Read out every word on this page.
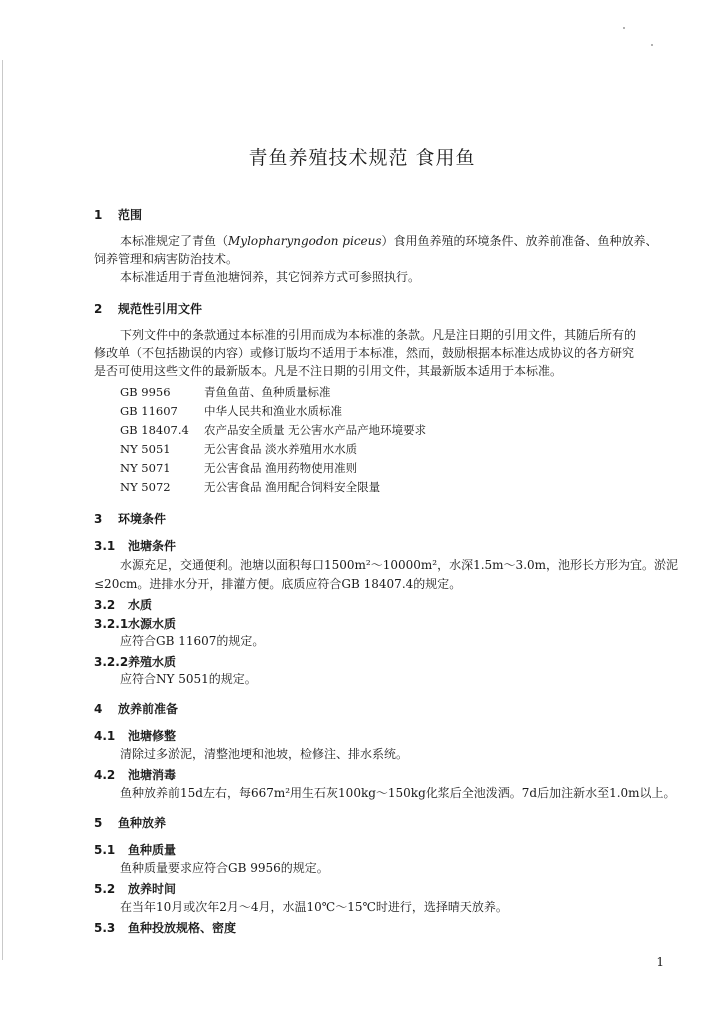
青鱼养殖技术规范 食用鱼
1 范围
本标准规定了青鱼（Mylopharyngodon piceus）食用鱼养殖的环境条件、放养前准备、鱼种放养、
饲养管理和病害防治技术。
本标准适用于青鱼池塘饲养，其它饲养方式可参照执行。
2 规范性引用文件
下列文件中的条款通过本标准的引用而成为本标准的条款。凡是注日期的引用文件，其随后所有的
修改单（不包括勘误的内容）或修订版均不适用于本标准，然而，鼓励根据本标准达成协议的各方研究
是否可使用这些文件的最新版本。凡是不注日期的引用文件，其最新版本适用于本标准。
GB 9956	青鱼鱼苗、鱼种质量标准
GB 11607 中华人民共和渔业水质标准
GB 18407.4 农产品安全质量 无公害水产品产地环境要求
NY 5051	无公害食品 淡水养殖用水水质
NY 5071	无公害食品 渔用药物使用准则
NY 5072	无公害食品 渔用配合饲料安全限量
3 环境条件
3.1 池塘条件
水源充足，交通便利。池塘以面积每口1500m²～10000m²，水深1.5m～3.0m，池形长方形为宜。淤泥
≤20cm。进排水分开，排灌方便。底质应符合GB 18407.4的规定。
3.2 水质
3.2.1水源水质
应符合GB 11607的规定。
3.2.2养殖水质
应符合NY 5051的规定。
4 放养前准备
4.1 池塘修整
清除过多淤泥，清整池埂和池坡，检修注、排水系统。
4.2 池塘消毒
鱼种放养前15d左右，每667m²用生石灰100kg～150kg化浆后全池泼洒。7d后加注新水至1.0m以上。
5 鱼种放养
5.1 鱼种质量
鱼种质量要求应符合GB 9956的规定。
5.2 放养时间
在当年10月或次年2月～4月，水温10℃～15℃时进行，选择晴天放养。
5.3 鱼种投放规格、密度
1
